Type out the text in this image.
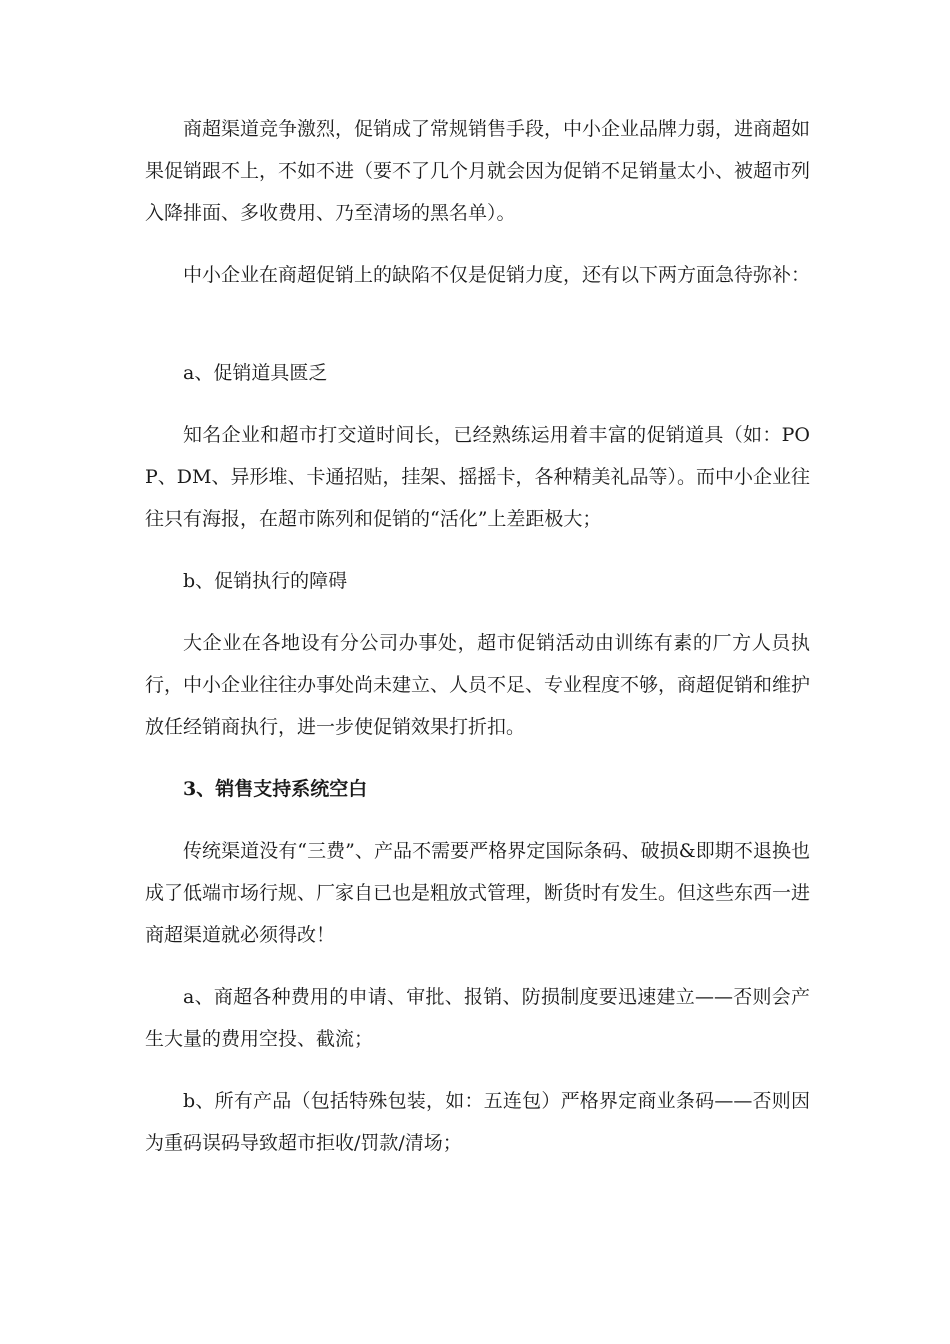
商超渠道竞争激烈，促销成了常规销售手段，中小企业品牌力弱，进商超如果促销跟不上，不如不进（要不了几个月就会因为促销不足销量太小、被超市列入降排面、多收费用、乃至清场的黑名单）。

中小企业在商超促销上的缺陷不仅是促销力度，还有以下两方面急待弥补：

a、促销道具匮乏

知名企业和超市打交道时间长，已经熟练运用着丰富的促销道具（如：POP、DM、异形堆、卡通招贴，挂架、摇摇卡，各种精美礼品等）。而中小企业往往只有海报，在超市陈列和促销的“活化”上差距极大；

b、促销执行的障碍

大企业在各地设有分公司办事处，超市促销活动由训练有素的厂方人员执行，中小企业往往办事处尚未建立、人员不足、专业程度不够，商超促销和维护放任经销商执行，进一步使促销效果打折扣。

3、销售支持系统空白

传统渠道没有“三费”、产品不需要严格界定国际条码、破损&即期不退换也成了低端市场行规、厂家自已也是粗放式管理，断货时有发生。但这些东西一进商超渠道就必须得改！

a、商超各种费用的申请、审批、报销、防损制度要迅速建立——否则会产生大量的费用空投、截流；

b、所有产品（包括特殊包装，如：五连包）严格界定商业条码——否则因为重码误码导致超市拒收/罚款/清场；
